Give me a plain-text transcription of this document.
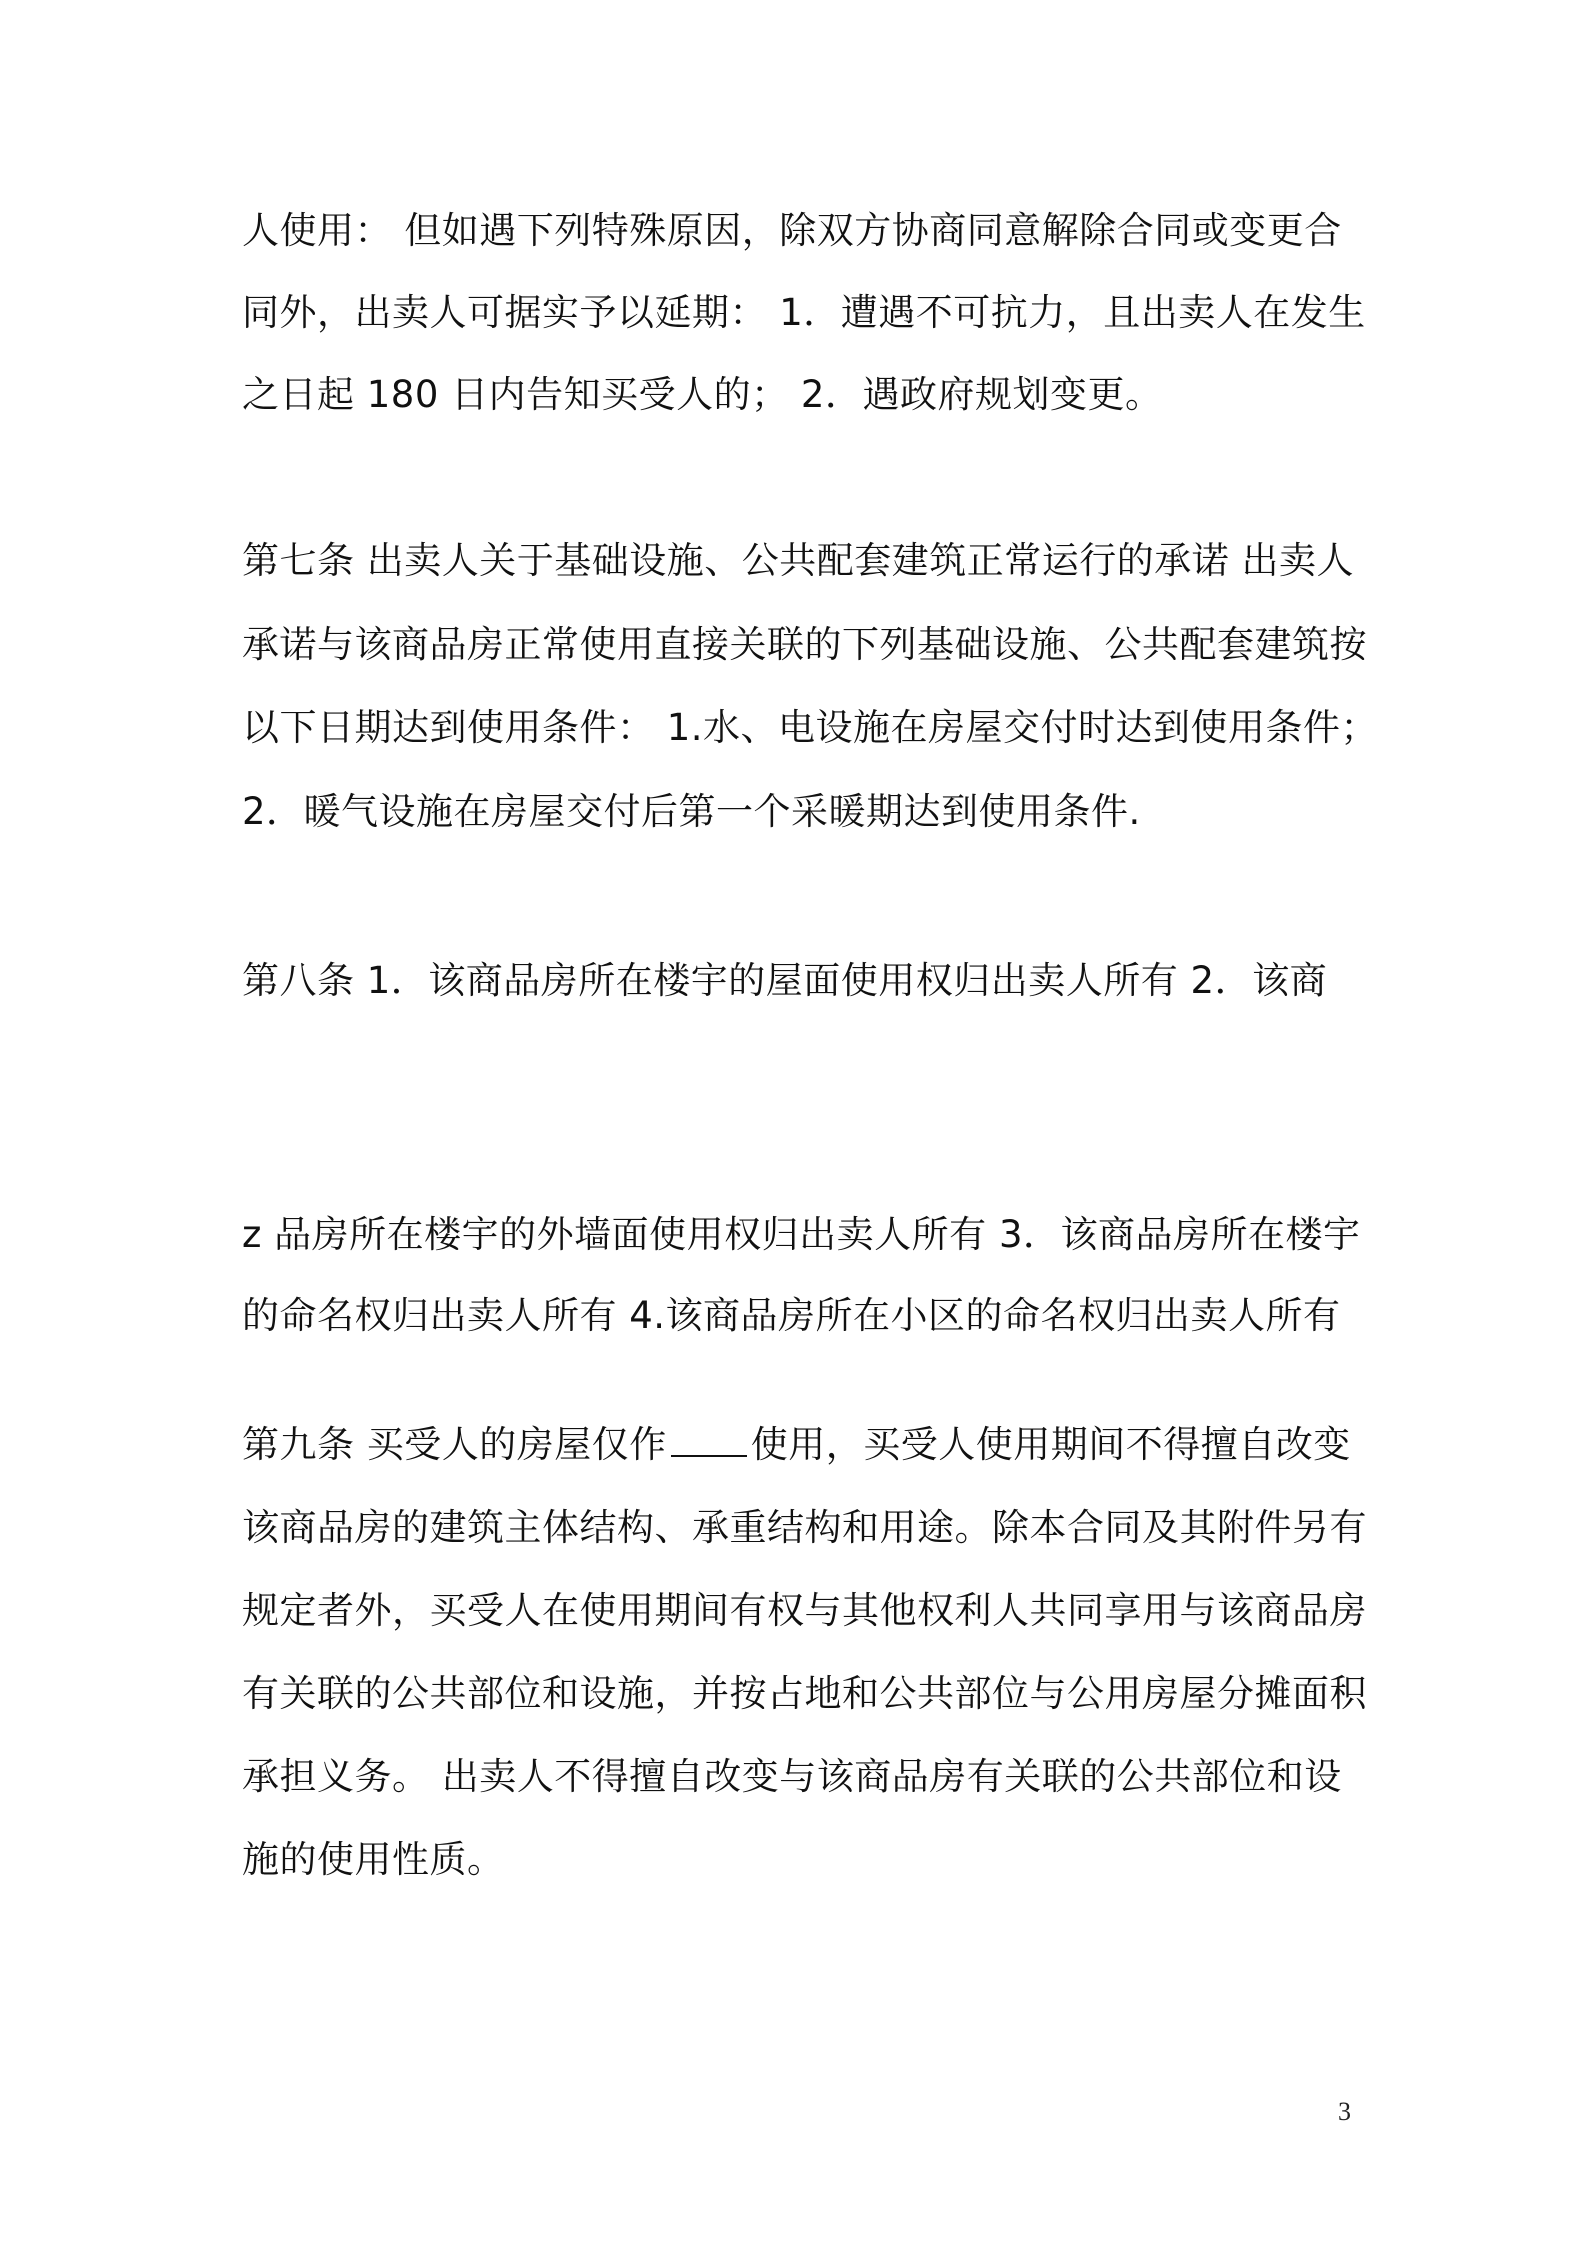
人使用： 但如遇下列特殊原因，除双方协商同意解除合同或变更合
同外，出卖人可据实予以延期： 1．遭遇不可抗力，且出卖人在发生
之日起 180 日内告知买受人的； 2．遇政府规划变更。
第七条 出卖人关于基础设施、公共配套建筑正常运行的承诺 出卖人
承诺与该商品房正常使用直接关联的下列基础设施、公共配套建筑按
以下日期达到使用条件： 1.水、电设施在房屋交付时达到使用条件；
2．暖气设施在房屋交付后第一个采暖期达到使用条件.
第八条 1．该商品房所在楼宇的屋面使用权归出卖人所有 2．该商
z 品房所在楼宇的外墙面使用权归出卖人所有 3．该商品房所在楼宇
的命名权归出卖人所有 4.该商品房所在小区的命名权归出卖人所有
第九条 买受人的房屋仅作 使用，买受人使用期间不得擅自改变
该商品房的建筑主体结构、承重结构和用途。除本合同及其附件另有
规定者外，买受人在使用期间有权与其他权利人共同享用与该商品房
有关联的公共部位和设施，并按占地和公共部位与公用房屋分摊面积
承担义务。 出卖人不得擅自改变与该商品房有关联的公共部位和设
施的使用性质。
3
